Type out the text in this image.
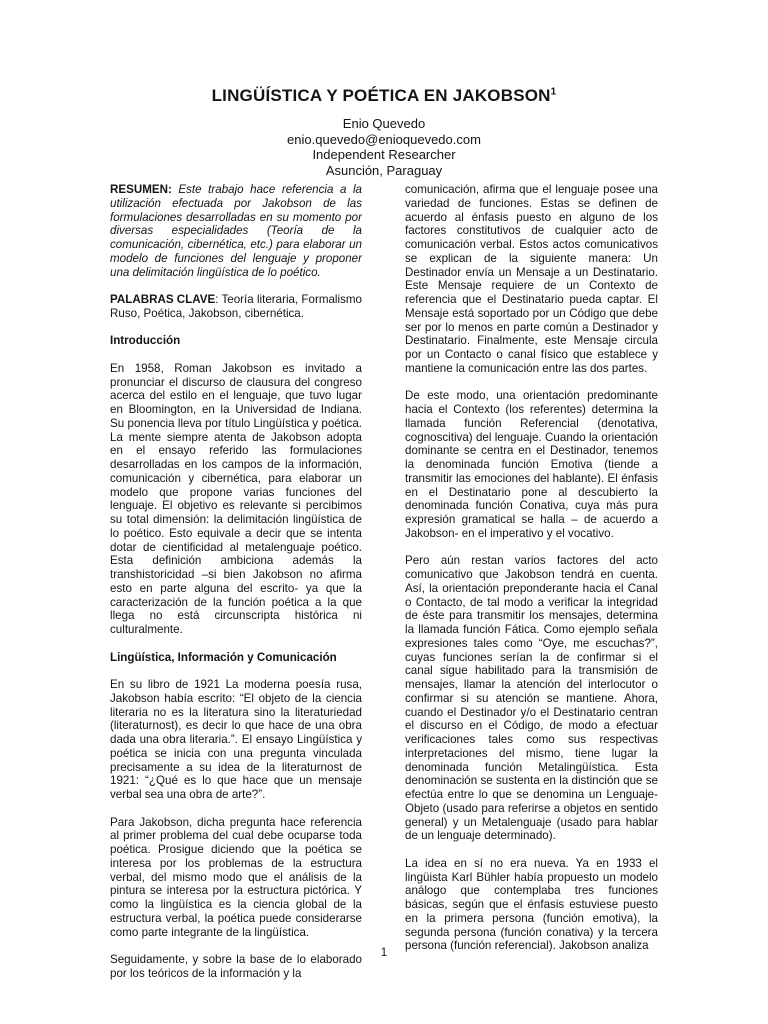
LINGÜÍSTICA Y POÉTICA EN JAKOBSON$^1$
Enio Quevedo
enio.quevedo@enioquevedo.com
Independent Researcher
Asunción, Paraguay

RESUMEN: Este trabajo hace referencia a la utilización efectuada por Jakobson de las formulaciones desarrolladas en su momento por diversas especialidades (Teoría de la comunicación, cibernética, etc.) para elaborar un modelo de funciones del lenguaje y proponer una delimitación lingüística de lo poético.

PALABRAS CLAVE: Teoría literaria, Formalismo Ruso, Poética, Jakobson, cibernética.

Introducción

En 1958, Roman Jakobson es invitado a pronunciar el discurso de clausura del congreso acerca del estilo en el lenguaje, que tuvo lugar en Bloomington, en la Universidad de Indiana. Su ponencia lleva por título Lingüística y poética. La mente siempre atenta de Jakobson adopta en el ensayo referido las formulaciones desarrolladas en los campos de la información, comunicación y cibernética, para elaborar un modelo que propone varias funciones del lenguaje. El objetivo es relevante si percibimos su total dimensión: la delimitación lingüística de lo poético. Esto equivale a decir que se intenta dotar de cientificidad al metalenguaje poético. Esta definición ambiciona además la transhistoricidad –si bien Jakobson no afirma esto en parte alguna del escrito- ya que la caracterización de la función poética a la que llega no está circunscripta histórica ni culturalmente.

Lingüística, Información y Comunicación

En su libro de 1921 La moderna poesía rusa, Jakobson había escrito: “El objeto de la ciencia literaria no es la literatura sino la literaturiedad (literaturnost), es decir lo que hace de una obra dada una obra literaria.”. El ensayo Lingüística y poética se inicia con una pregunta vinculada precisamente a su idea de la literaturnost de 1921: “¿Qué es lo que hace que un mensaje verbal sea una obra de arte?”.

Para Jakobson, dicha pregunta hace referencia al primer problema del cual debe ocuparse toda poética. Prosigue diciendo que la poética se interesa por los problemas de la estructura verbal, del mismo modo que el análisis de la pintura se interesa por la estructura pictórica. Y como la lingüística es la ciencia global de la estructura verbal, la poética puede considerarse como parte integrante de la lingüística.

Seguidamente, y sobre la base de lo elaborado por los teóricos de la información y la

comunicación, afirma que el lenguaje posee una variedad de funciones. Estas se definen de acuerdo al énfasis puesto en alguno de los factores constitutivos de cualquier acto de comunicación verbal. Estos actos comunicativos se explican de la siguiente manera: Un Destinador envía un Mensaje a un Destinatario. Este Mensaje requiere de un Contexto de referencia que el Destinatario pueda captar. El Mensaje está soportado por un Código que debe ser por lo menos en parte común a Destinador y Destinatario. Finalmente, este Mensaje circula por un Contacto o canal físico que establece y mantiene la comunicación entre las dos partes.

De este modo, una orientación predominante hacia el Contexto (los referentes) determina la llamada función Referencial (denotativa, cognoscitiva) del lenguaje. Cuando la orientación dominante se centra en el Destinador, tenemos la denominada función Emotiva (tiende a transmitir las emociones del hablante). El énfasis en el Destinatario pone al descubierto la denominada función Conativa, cuya más pura expresión gramatical se halla – de acuerdo a Jakobson- en el imperativo y el vocativo.

Pero aún restan varios factores del acto comunicativo que Jakobson tendrá en cuenta. Así, la orientación preponderante hacia el Canal o Contacto, de tal modo a verificar la integridad de éste para transmitir los mensajes, determina la llamada función Fática. Como ejemplo señala expresiones tales como “Oye, me escuchas?”, cuyas funciones serían la de confirmar si el canal sigue habilitado para la transmisión de mensajes, llamar la atención del interlocutor o confirmar si su atención se mantiene. Ahora, cuando el Destinador y/o el Destinatario centran el discurso en el Código, de modo a efectuar verificaciones tales como sus respectivas interpretaciones del mismo, tiene lugar la denominada función Metalingüística. Esta denominación se sustenta en la distinción que se efectúa entre lo que se denomina un Lenguaje-Objeto (usado para referirse a objetos en sentido general) y un Metalenguaje (usado para hablar de un lenguaje determinado).

La idea en sí no era nueva. Ya en 1933 el lingüista Karl Bühler había propuesto un modelo análogo que contemplaba tres funciones básicas, según que el énfasis estuviese puesto en la primera persona (función emotiva), la segunda persona (función conativa) y la tercera persona (función referencial). Jakobson analiza

1
